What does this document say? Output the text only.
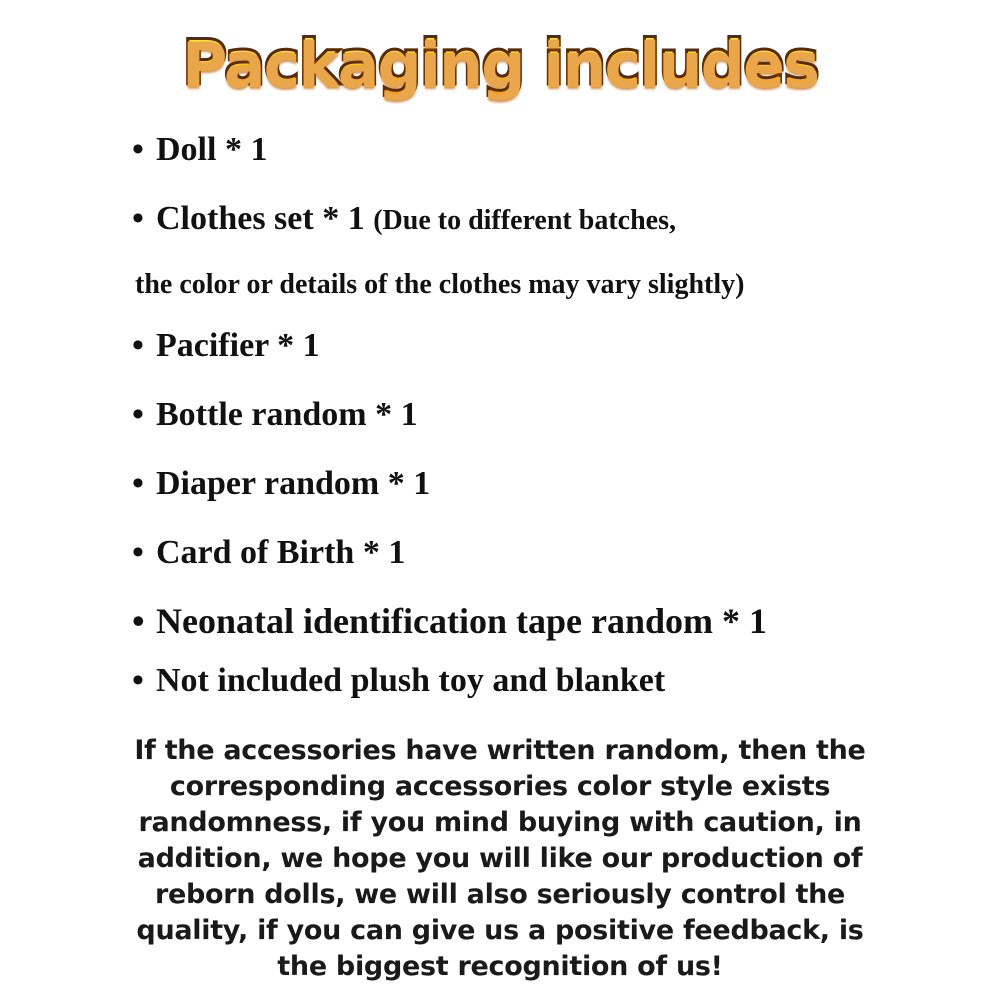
Packaging includes
• Doll * 1
• Clothes set * 1 (Due to different batches,
the color or details of the clothes may vary slightly)
• Pacifier * 1
• Bottle random * 1
• Diaper random * 1
• Card of Birth * 1
• Neonatal identification tape random * 1
• Not included plush toy and blanket
If the accessories have written random, then the
corresponding accessories color style exists
randomness, if you mind buying with caution, in
addition, we hope you will like our production of
reborn dolls, we will also seriously control the
quality, if you can give us a positive feedback, is
the biggest recognition of us!
